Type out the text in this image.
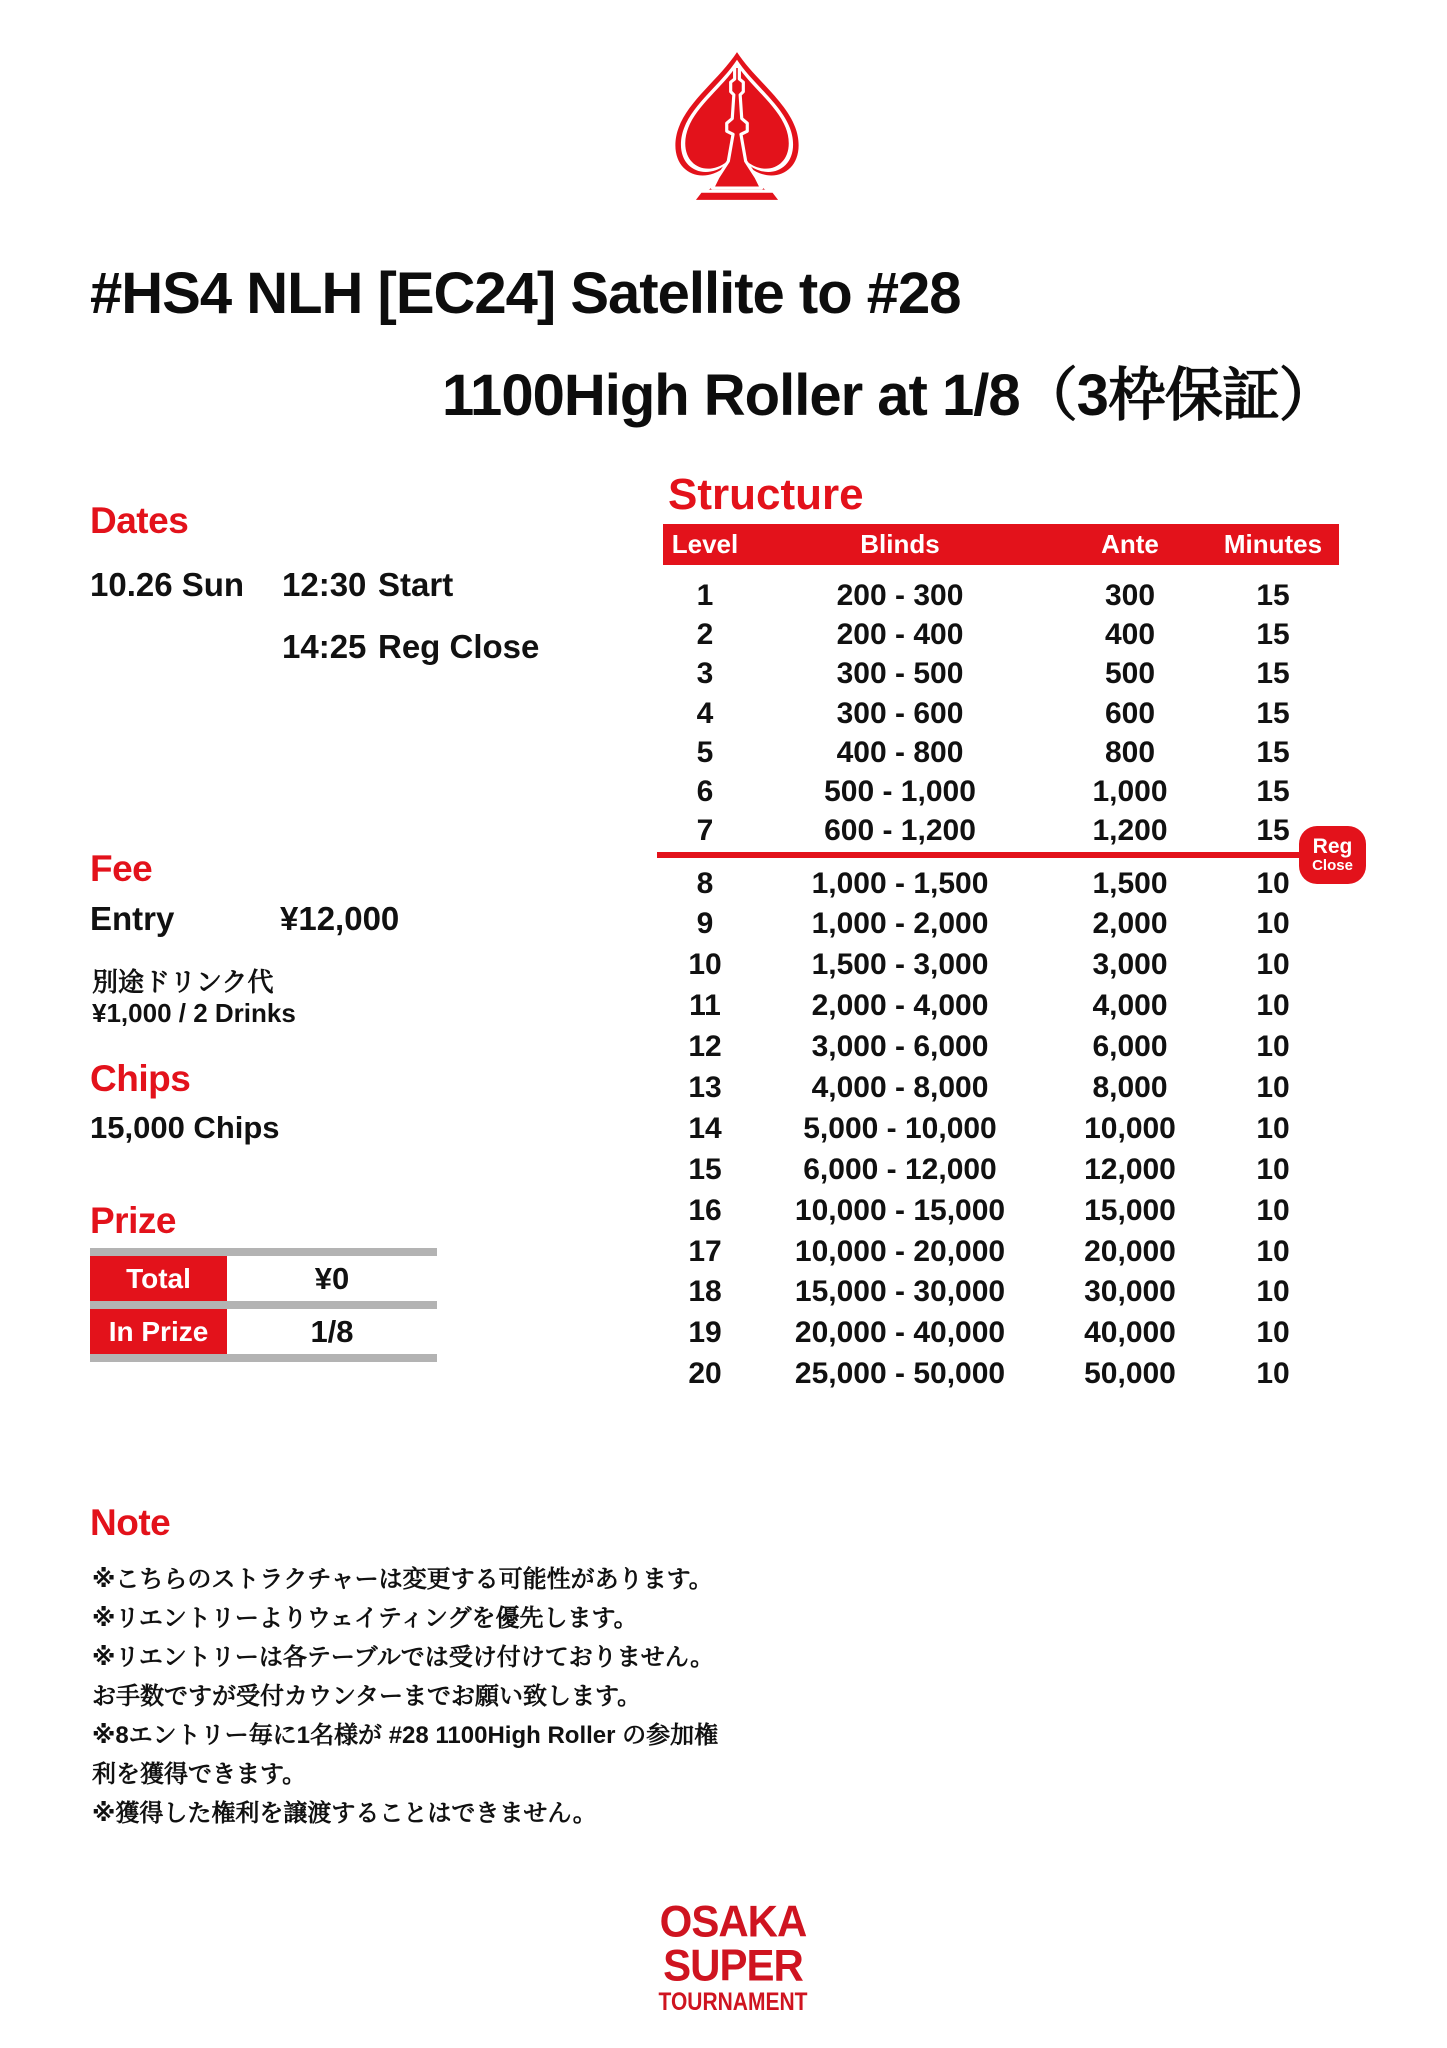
#HS4 NLH [EC24] Satellite to #28
1100High Roller at 1/8（3枠保証）
Dates
10.26 Sun 12:30 Start
14:25 Reg Close
Fee
Entry	¥12,000
別途ドリンク代
¥1,000 / 2 Drinks
Chips
15,000 Chips
Prize
Total	¥0
In Prize	1/8
Note
※こちらのストラクチャーは変更する可能性があります。
※リエントリーよりウェイティングを優先します。
※リエントリーは各テーブルでは受け付けておりません。
お手数ですが受付カウンターまでお願い致します。
※8エントリー毎に1名様が #28 1100High Roller の参加権
利を獲得できます。
※獲得した権利を譲渡することはできません。
Structure
Level	Blinds	Ante	Minutes
1	200 - 300	300	15
2	200 - 400	400	15
3	300 - 500	500	15
4	300 - 600	600	15
5	400 - 800	800	15
6	500 - 1,000	1,000	15
7	600 - 1,200	1,200	15
8	1,000 - 1,500	1,500	10
9	1,000 - 2,000	2,000	10
10	1,500 - 3,000	3,000	10
11	2,000 - 4,000	4,000	10
12	3,000 - 6,000	6,000	10
13	4,000 - 8,000	8,000	10
14	5,000 - 10,000	10,000	10
15	6,000 - 12,000	12,000	10
16	10,000 - 15,000	15,000	10
17	10,000 - 20,000	20,000	10
18	15,000 - 30,000	30,000	10
19	20,000 - 40,000	40,000	10
20	25,000 - 50,000	50,000	10
Reg
Close
OSAKA
SUPER
TOURNAMENT
